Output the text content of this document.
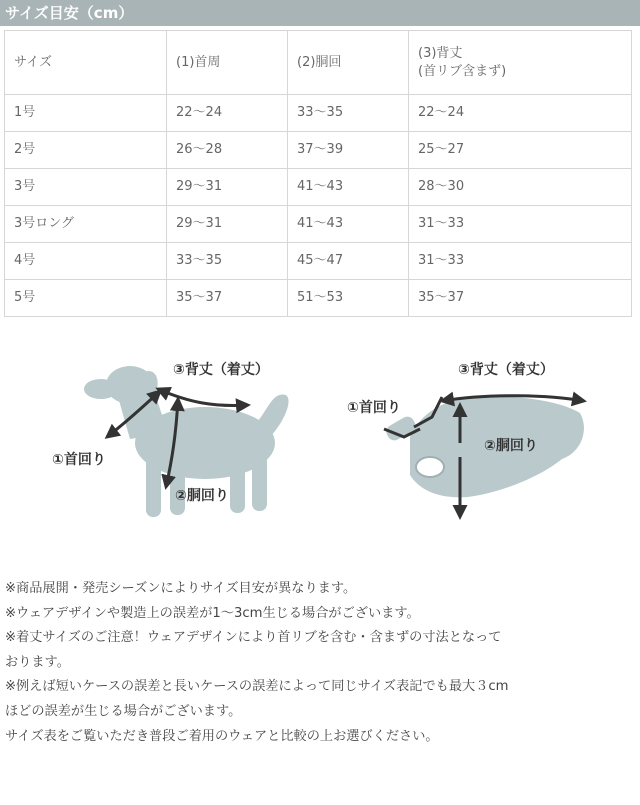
サイズ目安（cm）
サイズ	(1)首周	(2)胴回	(3)背丈
(首リブ含まず)

1号	22～24	33～35	22～24
2号	26～28	37～39	25～27
3号	29～31	41～43	28～30
3号ロング	29～31	41～43	31～33
4号	33～35	45～47	31～33
5号	35～37	51～53	35～37
③背丈（着丈）
①首回り
②胴回り
③背丈（着丈）
①首回り
②胴回り
※商品展開・発売シーズンによりサイズ目安が異なります。
※ウェアデザインや製造上の誤差が1～3cm生じる場合がございます。
※着丈サイズのご注意！ウェアデザインにより首リブを含む・含まずの寸法となって
おります。
※例えば短いケースの誤差と長いケースの誤差によって同じサイズ表記でも最大３cm
ほどの誤差が生じる場合がございます。
サイズ表をご覧いただき普段ご着用のウェアと比較の上お選びください。
